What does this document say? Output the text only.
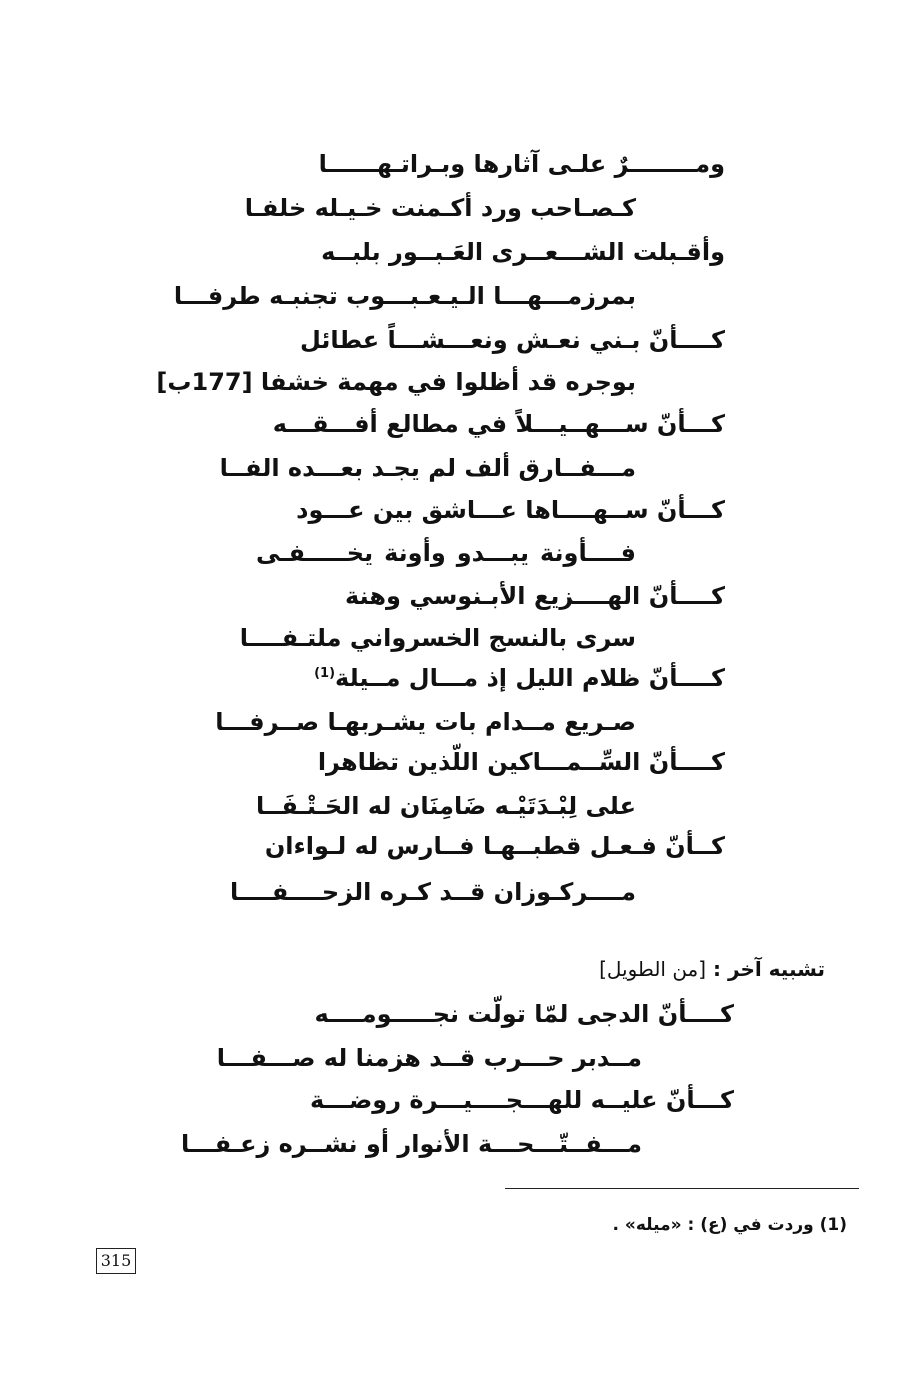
ومــــــــرٌ علـى آثارها وبـراتـهــــــا
كـصـاحب ورد أكـمنت خـيـله خلفـا
وأقـبلت الشـــعــرى العَـبــور بلبــه
بمرزمـــهـــا الـيـعـبـــوب تجنبـه طرفـــا
كــــأنّ بـني نعـش ونعـــشـــاً عطائل
بوجره قد أظلوا في مهمة خشفا [177ب]
كـــأنّ ســـهــيـــلاً في مطالع أفـــقـــه
مـــفــارق ألف لم يجـد بعـــده الفــا
كـــأنّ ســهــــاها عـــاشق بين عـــود
فــــأونة يبـــدو وأونة يخـــــفـى
كــــأنّ الهــــزيع الأبـنوسي وهنة
سرى بالنسج الخسرواني ملتـفــــا
كــــأنّ ظلام الليل إذ مـــال مــيلة$^{(1)}$
صـريع مــدام بات يشـربهـا صــرفـــا
كــــأنّ السِّــمـــاكين اللّذين تظاهرا
على لِبْـدَتَيْـه ضَامِنَان له الحَـتْـفَــا
كــأنّ فـعـل قطبــهـا فــارس له لـواءان
مــــركـوزان قــد كـره الزحــــفــــا
تشبيه آخر : [من الطويل]
كــــأنّ الدجى لمّا تولّت نجـــــومــــه
مــدبر حـــرب قــد هزمنا له صـــفـــا
كـــأنّ عليــه للهـــجــــيـــرة روضـــة
مـــفــتّـــحـــة الأنوار أو نشــره زعـفـــا
(1) وردت في (ع) : «ميله» .
315
